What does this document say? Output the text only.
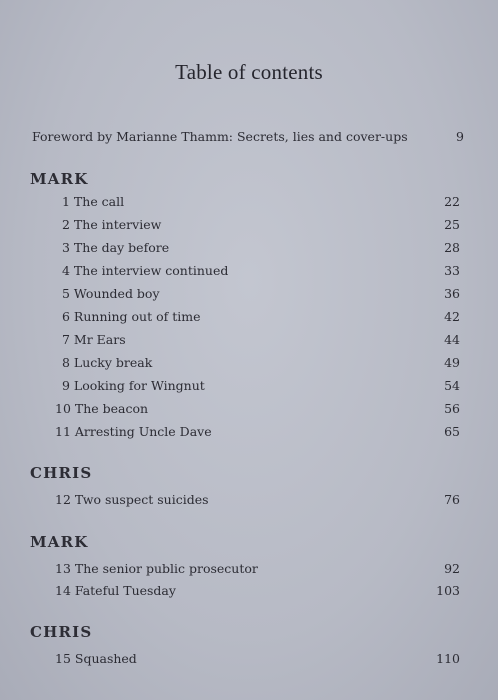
Table of contents
Foreword by Marianne Thamm: Secrets, lies and cover-ups	9
MARK
1 The call	22
2 The interview	25
3 The day before	28
4 The interview continued	33
5 Wounded boy	36
6 Running out of time	42
7 Mr Ears	44
8 Lucky break	49
9 Looking for Wingnut	54
10 The beacon	56
11 Arresting Uncle Dave	65
CHRIS
12 Two suspect suicides	76
MARK
13 The senior public prosecutor	92
14 Fateful Tuesday	103
CHRIS
15 Squashed	110
